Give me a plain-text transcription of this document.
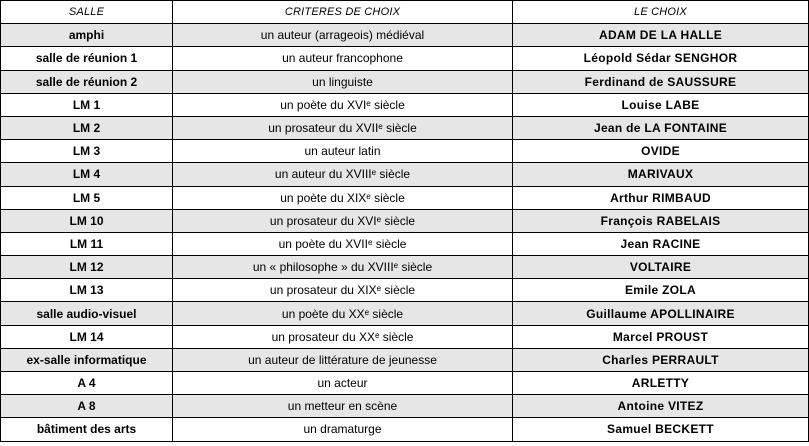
SALLE	CRITERES DE CHOIX	LE CHOIX
amphi	un auteur (arrageois) médiéval	ADAM DE LA HALLE
salle de réunion 1	un auteur francophone	Léopold Sédar SENGHOR
salle de réunion 2	un linguiste	Ferdinand de SAUSSURE
LM 1	un poète du XVIᵉ siècle	Louise LABE
LM 2	un prosateur du XVIIᵉ siècle	Jean de LA FONTAINE
LM 3	un auteur latin	OVIDE
LM 4	un auteur du XVIIIᵉ siècle	MARIVAUX
LM 5	un poète du XIXᵉ siècle	Arthur RIMBAUD
LM 10	un prosateur du XVIᵉ siècle	François RABELAIS
LM 11	un poète du XVIIᵉ siècle	Jean RACINE
LM 12	un « philosophe » du XVIIIᵉ siècle	VOLTAIRE
LM 13	un prosateur du XIXᵉ siècle	Emile ZOLA
salle audio-visuel	un poète du XXᵉ siècle	Guillaume APOLLINAIRE
LM 14	un prosateur du XXᵉ siècle	Marcel PROUST
ex-salle informatique	un auteur de littérature de jeunesse	Charles PERRAULT
A 4	un acteur	ARLETTY
A 8	un metteur en scène	Antoine VITEZ
bâtiment des arts	un dramaturge	Samuel BECKETT
